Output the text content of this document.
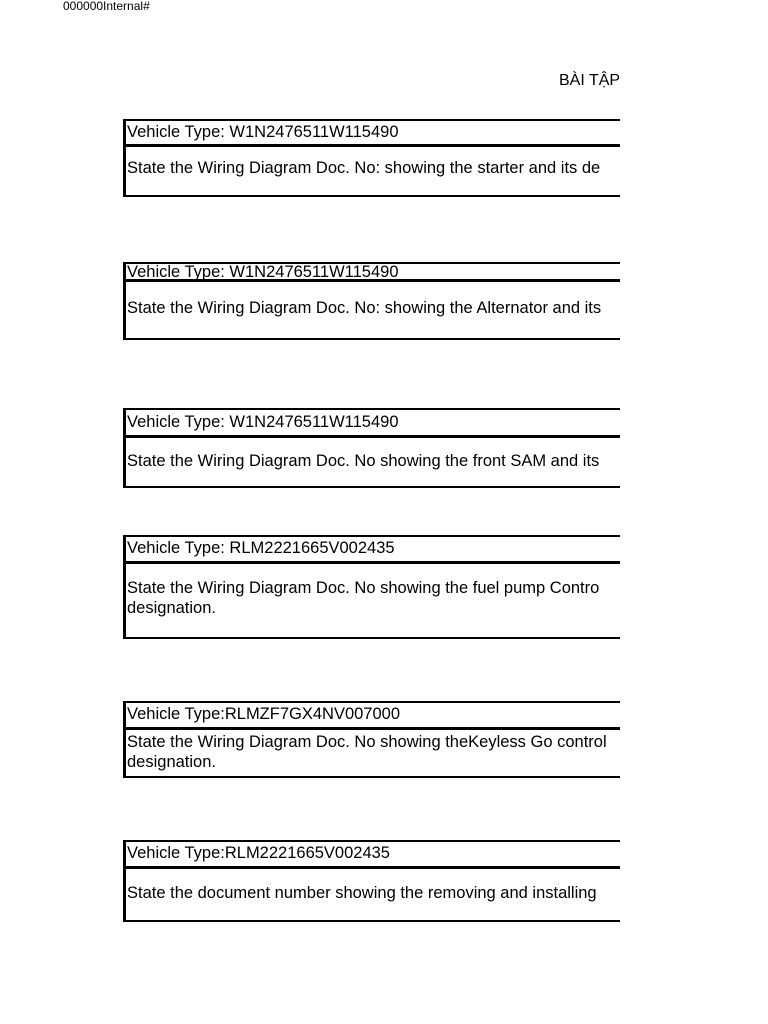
000000Internal#
BÀI TẬP
Vehicle Type: W1N2476511W115490
State the Wiring Diagram Doc. No: showing the starter and its de
Vehicle Type: W1N2476511W115490
State the Wiring Diagram Doc. No: showing the Alternator and its
Vehicle Type: W1N2476511W115490
State the Wiring Diagram Doc. No showing the front SAM and its
Vehicle Type: RLM2221665V002435
State the Wiring Diagram Doc. No showing the fuel pump Contro
designation.
Vehicle Type:RLMZF7GX4NV007000
State the Wiring Diagram Doc. No showing theKeyless Go control
designation.
Vehicle Type:RLM2221665V002435
State the document number showing the removing and installing
